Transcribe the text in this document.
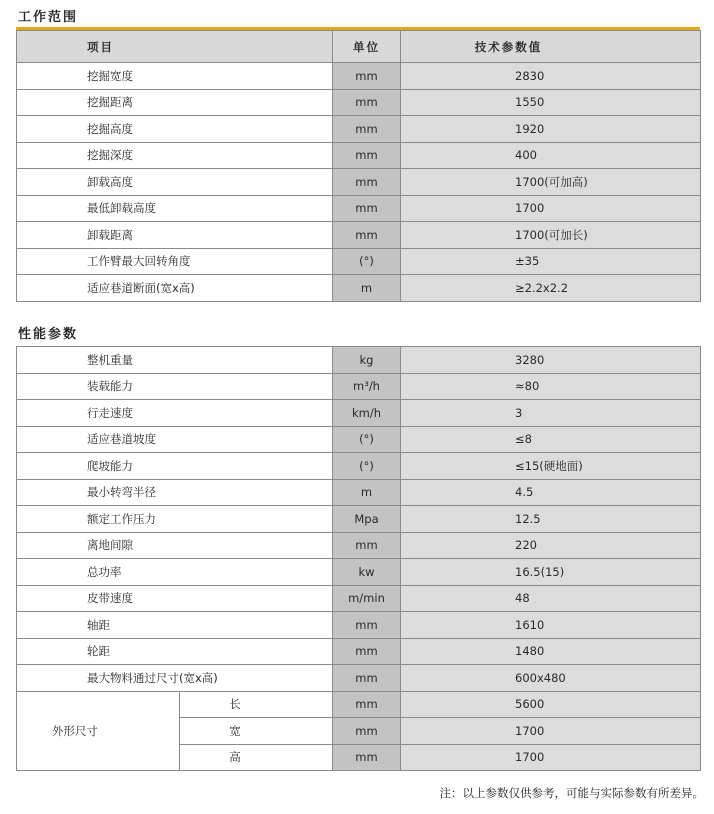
工作范围
项目	单位	技术参数值
挖掘宽度	mm	2830
挖掘距离	mm	1550
挖掘高度	mm	1920
挖掘深度	mm	400
卸载高度	mm	1700(可加高)
最低卸载高度	mm	1700
卸载距离	mm	1700(可加长)
工作臂最大回转角度	(°)	±35
适应巷道断面(宽x高)	m	≥2.2x2.2
性能参数
整机重量		kg	3280
装载能力		m³/h	≈80
行走速度		km/h	3
适应巷道坡度		(°)	≤8
爬坡能力		(°)	≤15(硬地面)
最小转弯半径		m	4.5
额定工作压力		Mpa	12.5
离地间隙		mm	220
总功率		kw	16.5(15)
皮带速度		m/min	48
轴距		mm	1610
轮距		mm	1480
最大物料通过尺寸(宽x高)		mm	600x480
外形尺寸	长	mm	5600
	宽	mm	1700
	高	mm	1700
注：以上参数仅供参考，可能与实际参数有所差异。
